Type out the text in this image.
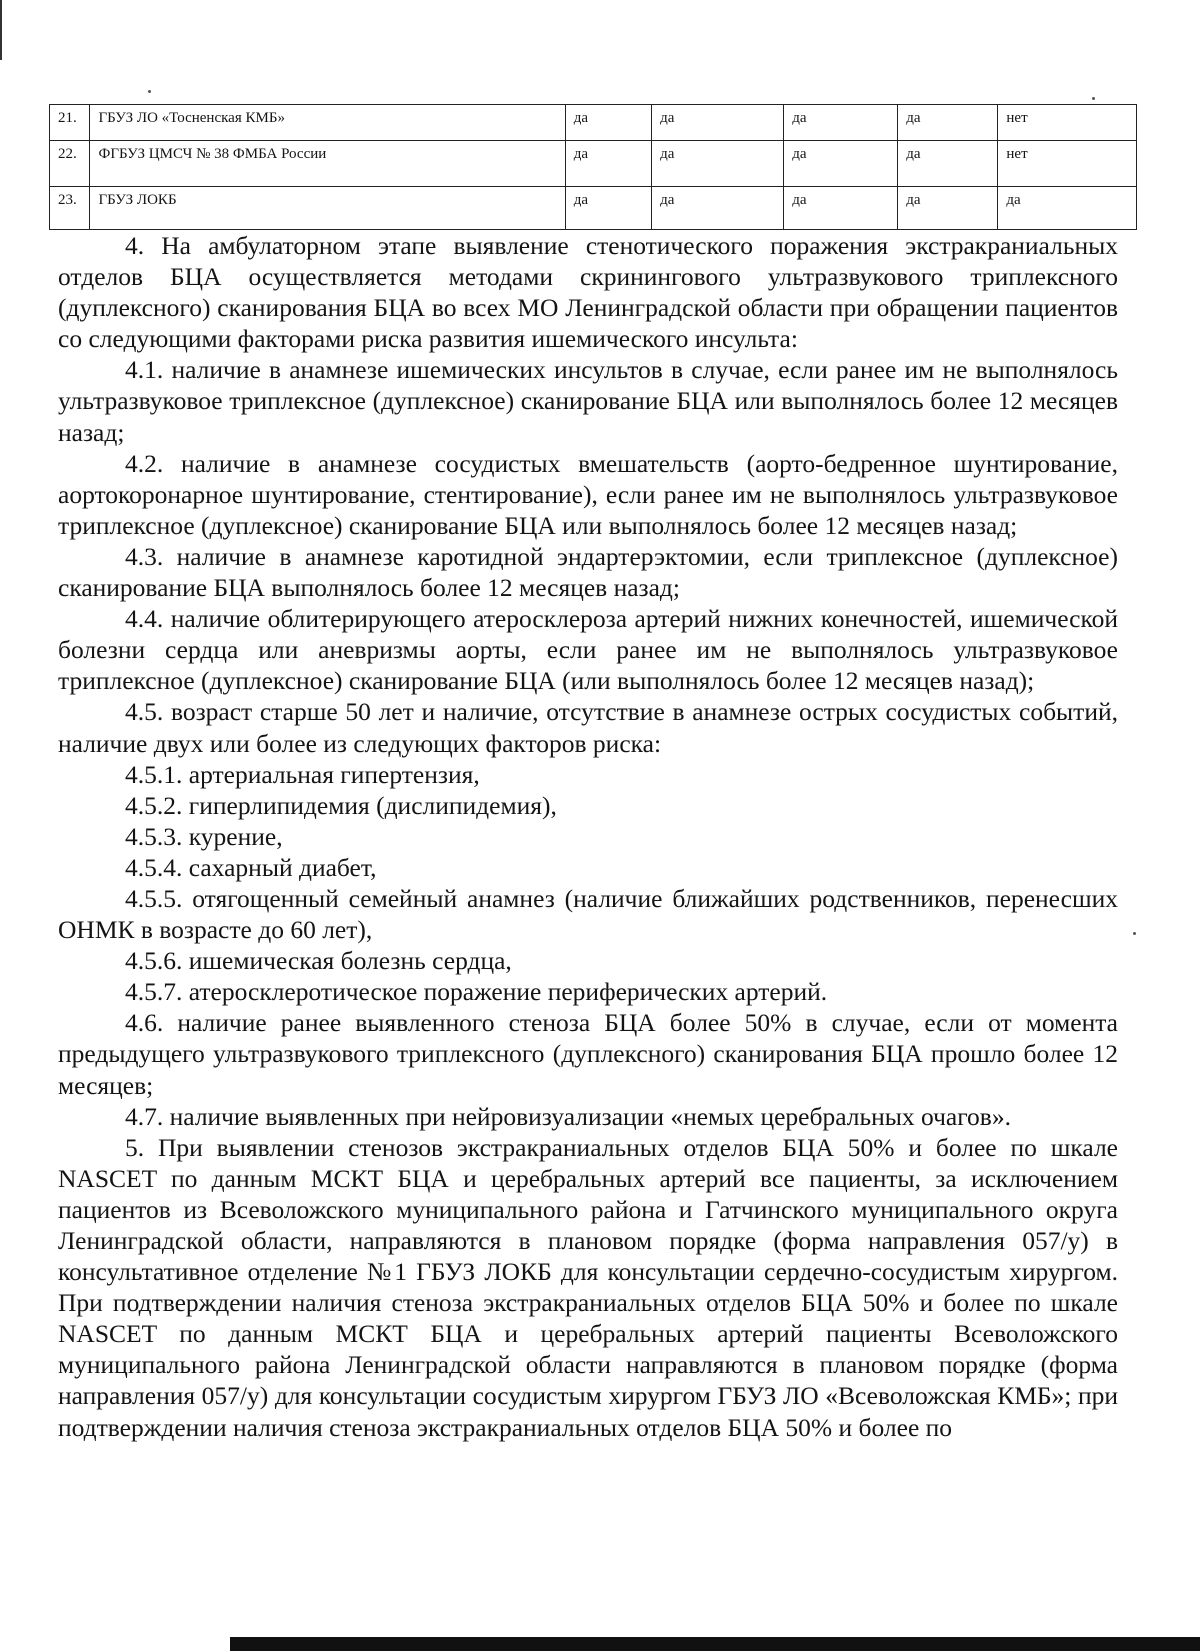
21.	ГБУЗ ЛО «Тосненская КМБ»	да	да	да	да	нет
22.	ФГБУЗ ЦМСЧ № 38 ФМБА России	да	да	да	да	нет
23.	ГБУЗ ЛОКБ	да	да	да	да	да

4. На амбулаторном этапе выявление стенотического поражения экстракраниальных отделов БЦА осуществляется методами скринингового ультразвукового триплексного (дуплексного) сканирования БЦА во всех МО Ленинградской области при обращении пациентов со следующими факторами риска развития ишемического инсульта:

4.1. наличие в анамнезе ишемических инсультов в случае, если ранее им не выполнялось ультразвуковое триплексное (дуплексное) сканирование БЦА или выполнялось более 12 месяцев назад;

4.2. наличие в анамнезе сосудистых вмешательств (аорто-бедренное шунтирование, аортокоронарное шунтирование, стентирование), если ранее им не выполнялось ультразвуковое триплексное (дуплексное) сканирование БЦА или выполнялось более 12 месяцев назад;

4.3. наличие в анамнезе каротидной эндартерэктомии, если триплексное (дуплексное) сканирование БЦА выполнялось более 12 месяцев назад;

4.4. наличие облитерирующего атеросклероза артерий нижних конечностей, ишемической болезни сердца или аневризмы аорты, если ранее им не выполнялось ультразвуковое триплексное (дуплексное) сканирование БЦА (или выполнялось более 12 месяцев назад);

4.5. возраст старше 50 лет и наличие, отсутствие в анамнезе острых сосудистых событий, наличие двух или более из следующих факторов риска:

4.5.1. артериальная гипертензия,

4.5.2. гиперлипидемия (дислипидемия),

4.5.3. курение,

4.5.4. сахарный диабет,

4.5.5. отягощенный семейный анамнез (наличие ближайших родственников, перенесших ОНМК в возрасте до 60 лет),

4.5.6. ишемическая болезнь сердца,

4.5.7. атеросклеротическое поражение периферических артерий.

4.6. наличие ранее выявленного стеноза БЦА более 50% в случае, если от момента предыдущего ультразвукового триплексного (дуплексного) сканирования БЦА прошло более 12 месяцев;

4.7. наличие выявленных при нейровизуализации «немых церебральных очагов».

5. При выявлении стенозов экстракраниальных отделов БЦА 50% и более по шкале NASCET по данным МСКТ БЦА и церебральных артерий все пациенты, за исключением пациентов из Всеволожского муниципального района и Гатчинского муниципального округа Ленинградской области, направляются в плановом порядке (форма направления 057/у) в консультативное отделение №1 ГБУЗ ЛОКБ для консультации сердечно-сосудистым хирургом. При подтверждении наличия стеноза экстракраниальных отделов БЦА 50% и более по шкале NASCET по данным МСКТ БЦА и церебральных артерий пациенты Всеволожского муниципального района Ленинградской области направляются в плановом порядке (форма направления 057/у) для консультации сосудистым хирургом ГБУЗ ЛО «Всеволожская КМБ»; при подтверждении наличия стеноза экстракраниальных отделов БЦА 50% и более по
